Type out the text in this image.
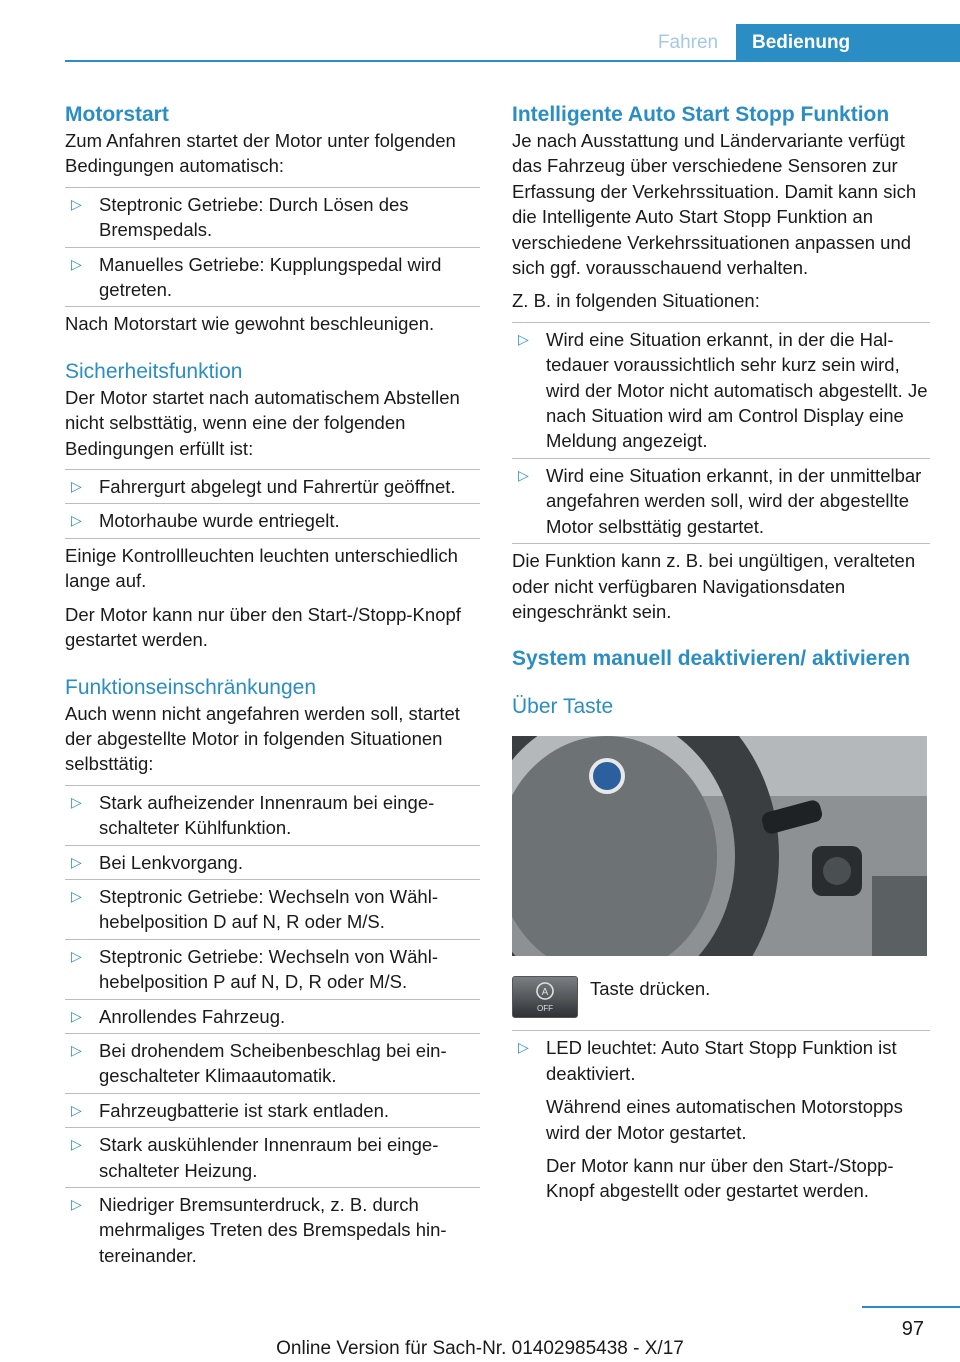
Fahren	Bedienung
Motorstart

Zum Anfahren startet der Motor unter folgenden Bedingungen automatisch:

▷ Steptronic Getriebe: Durch Lösen des Bremspedals.
▷ Manuelles Getriebe: Kupplungspedal wird getreten.

Nach Motorstart wie gewohnt beschleunigen.

Sicherheitsfunktion

Der Motor startet nach automatischem Abstellen nicht selbsttätig, wenn eine der folgenden Bedingungen erfüllt ist:

▷ Fahrergurt abgelegt und Fahrertür geöffnet.
▷ Motorhaube wurde entriegelt.

Einige Kontrollleuchten leuchten unterschiedlich lange auf.

Der Motor kann nur über den Start-/Stopp-Knopf gestartet werden.

Funktionseinschränkungen

Auch wenn nicht angefahren werden soll, startet der abgestellte Motor in folgenden Situationen selbsttätig:

▷ Stark aufheizender Innenraum bei eingeschalteter Kühlfunktion.
▷ Bei Lenkvorgang.
▷ Steptronic Getriebe: Wechseln von Wählhebelposition D auf N, R oder M/S.
▷ Steptronic Getriebe: Wechseln von Wählhebelposition P auf N, D, R oder M/S.
▷ Anrollendes Fahrzeug.
▷ Bei drohendem Scheibenbeschlag bei eingeschalteter Klimaautomatik.
▷ Fahrzeugbatterie ist stark entladen.
▷ Stark auskühlender Innenraum bei eingeschalteter Heizung.
▷ Niedriger Bremsunterdruck, z. B. durch mehrmaliges Treten des Bremspedals hintereinander.
Intelligente Auto Start Stopp Funktion

Je nach Ausstattung und Ländervariante verfügt das Fahrzeug über verschiedene Sensoren zur Erfassung der Verkehrssituation. Damit kann sich die Intelligente Auto Start Stopp Funktion an verschiedene Verkehrssituationen anpassen und sich ggf. vorausschauend verhalten.

Z. B. in folgenden Situationen:

▷ Wird eine Situation erkannt, in der die Haltedauer voraussichtlich sehr kurz sein wird, wird der Motor nicht automatisch abgestellt. Je nach Situation wird am Control Display eine Meldung angezeigt.
▷ Wird eine Situation erkannt, in der unmittelbar angefahren werden soll, wird der abgestellte Motor selbsttätig gestartet.

Die Funktion kann z. B. bei ungültigen, veralteten oder nicht verfügbaren Navigationsdaten eingeschränkt sein.

System manuell deaktivieren/ aktivieren
Über Taste
A
OFF

Taste drücken.

▷ LED leuchtet: Auto Start Stopp Funktion ist deaktiviert.

Während eines automatischen Motorstopps wird der Motor gestartet.

Der Motor kann nur über den Start-/Stopp-Knopf abgestellt oder gestartet werden.

97
Online Version für Sach-Nr. 01402985438 - X/17
